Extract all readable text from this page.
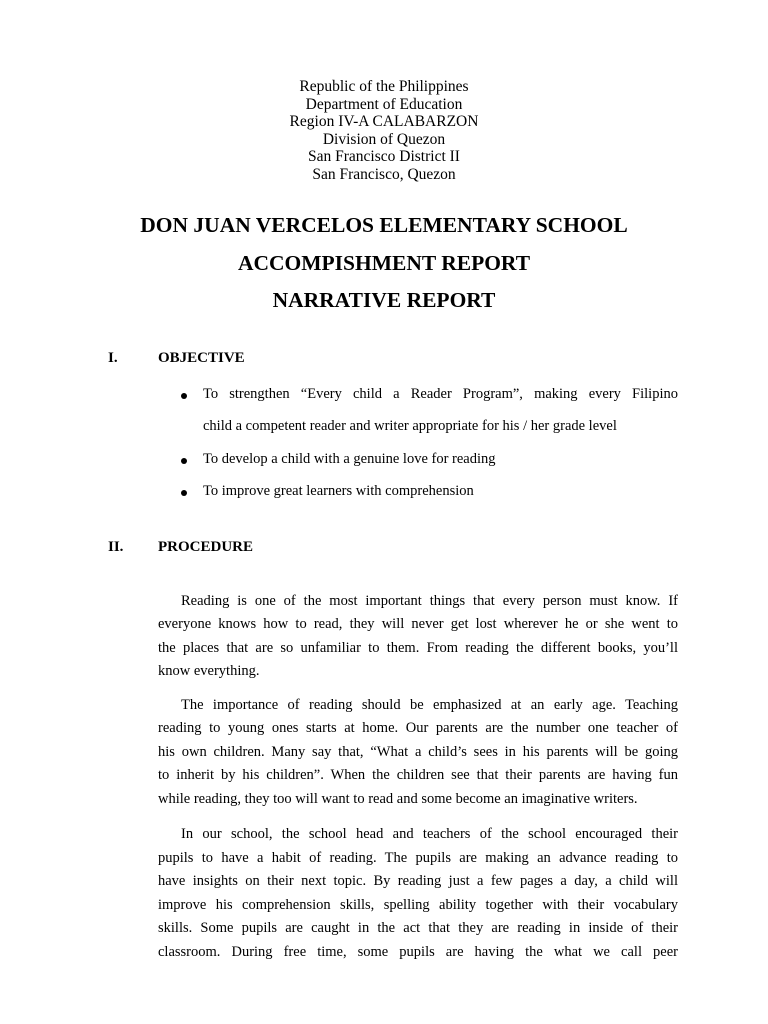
Republic of the Philippines
Department of Education
Region IV-A CALABARZON
Division of Quezon
San Francisco District II
San Francisco, Quezon
DON JUAN VERCELOS ELEMENTARY SCHOOL
ACCOMPISHMENT REPORT
NARRATIVE REPORT
I.	OBJECTIVE
To strengthen “Every child a Reader Program”, making every Filipino
child a competent reader and writer appropriate for his / her grade level
To develop a child with a genuine love for reading
To improve great learners with comprehension
II. PROCEDURE
Reading is one of the most important things that every person must know. If
everyone knows how to read, they will never get lost wherever he or she went to
the places that are so unfamiliar to them. From reading the different books, you’ll
know everything.
The importance of reading should be emphasized at an early age. Teaching
reading to young ones starts at home. Our parents are the number one teacher of
his own children. Many say that, “What a child’s sees in his parents will be going
to inherit by his children”. When the children see that their parents are having fun
while reading, they too will want to read and some become an imaginative writers.
In our school, the school head and teachers of the school encouraged their
pupils to have a habit of reading. The pupils are making an advance reading to
have insights on their next topic. By reading just a few pages a day, a child will
improve his comprehension skills, spelling ability together with their vocabulary
skills. Some pupils are caught in the act that they are reading in inside of their
classroom. During free time, some pupils are having the what we call peer
